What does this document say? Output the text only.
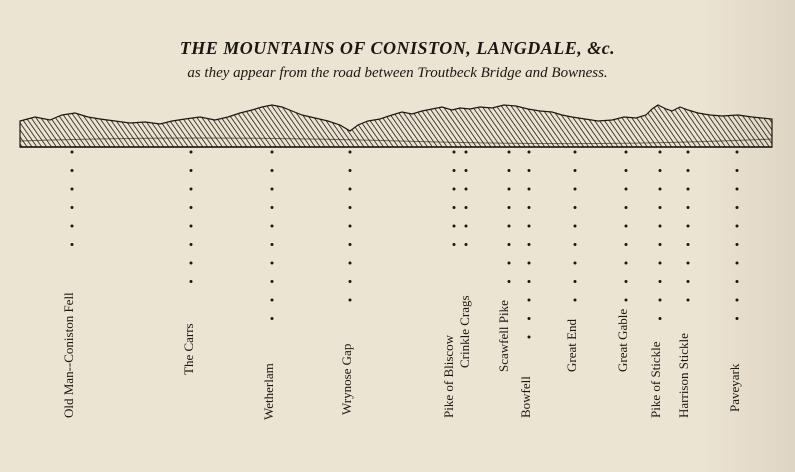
THE MOUNTAINS OF CONISTON, LANGDALE, &c.
as they appear from the road between Troutbeck Bridge and Bowness.
Old Man--Coniston Fell	The Carrs
Wetherlam	Wrynose Gap	Pike of Bliscow
Crinkle Crags Scawfell Pike
Bowfell
Great End	Great Gable
Pike of Stickle Harrison Stickle	Paveyark
